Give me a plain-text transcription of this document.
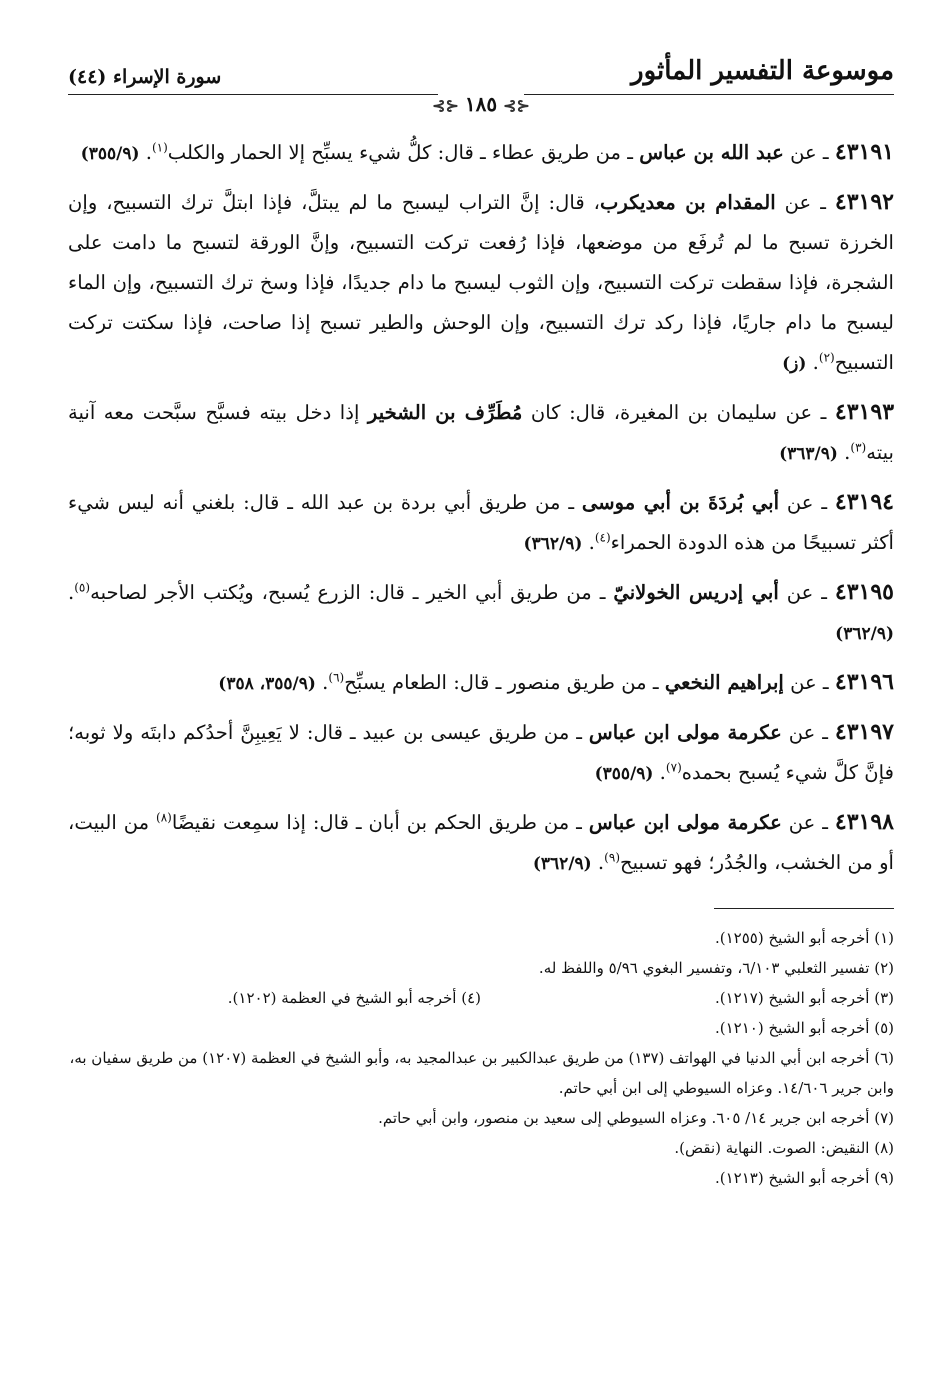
موسوعة التفسير المأثور
سورة الإسراء (٤٤)
⊰⊱١٨٥⊰⊱

٤٣١٩١ ـ عن عبد الله بن عباس ـ من طريق عطاء ـ قال: كلُّ شيء يسبِّح إلا الحمار والكلب$^{(١)}$. (٣٥٥/٩)

٤٣١٩٢ ـ عن المقدام بن معديكرب، قال: إنَّ التراب ليسبح ما لم يبتلَّ، فإذا ابتلَّ ترك التسبيح، وإن الخرزة تسبح ما لم تُرفَع من موضعها، فإذا رُفعت تركت التسبيح، وإنَّ الورقة لتسبح ما دامت على الشجرة، فإذا سقطت تركت التسبيح، وإن الثوب ليسبح ما دام جديدًا، فإذا وسخ ترك التسبيح، وإن الماء ليسبح ما دام جاريًا، فإذا ركد ترك التسبيح، وإن الوحش والطير تسبح إذا صاحت، فإذا سكتت تركت التسبيح$^{(٢)}$. (ز)

٤٣١٩٣ ـ عن سليمان بن المغيرة، قال: كان مُطَرِّف بن الشخير إذا دخل بيته فسبَّح سبَّحت معه آنية بيته$^{(٣)}$. (٣٦٣/٩)

٤٣١٩٤ ـ عن أبي بُردَةَ بن أبي موسى ـ من طريق أبي بردة بن عبد الله ـ قال: بلغني أنه ليس شيء أكثر تسبيحًا من هذه الدودة الحمراء$^{(٤)}$. (٣٦٢/٩)

٤٣١٩٥ ـ عن أبي إدريس الخولانيّ ـ من طريق أبي الخير ـ قال: الزرع يُسبح، ويُكتب الأجر لصاحبه$^{(٥)}$. (٣٦٢/٩)

٤٣١٩٦ ـ عن إبراهيم النخعي ـ من طريق منصور ـ قال: الطعام يسبِّح$^{(٦)}$. (٣٥٥/٩، ٣٥٨)

٤٣١٩٧ ـ عن عكرمة مولى ابن عباس ـ من طريق عيسى بن عبيد ـ قال: لا يَعِيبِنَّ أحدُكم دابتَه ولا ثوبه؛ فإنَّ كلَّ شيء يُسبح بحمده$^{(٧)}$. (٣٥٥/٩)

٤٣١٩٨ ـ عن عكرمة مولى ابن عباس ـ من طريق الحكم بن أبان ـ قال: إذا سمِعت نقيضًا$^{(٨)}$ من البيت، أو من الخشب، والجُدُر؛ فهو تسبيح$^{(٩)}$. (٣٦٢/٩)

(١) أخرجه أبو الشيخ (١٢٥٥).

(٢) تفسير الثعلبي ٦/١٠٣، وتفسير البغوي ٥/٩٦ واللفظ له.

(٣) أخرجه أبو الشيخ (١٢١٧).

(٤) أخرجه أبو الشيخ في العظمة (١٢٠٢).

(٥) أخرجه أبو الشيخ (١٢١٠).

(٦) أخرجه ابن أبي الدنيا في الهواتف (١٣٧) من طريق عبدالكبير بن عبدالمجيد به، وأبو الشيخ في العظمة (١٢٠٧) من طريق سفيان به، وابن جرير ١٤/٦٠٦. وعزاه السيوطي إلى ابن أبي حاتم.

(٧) أخرجه ابن جرير ١٤/ ٦٠٥. وعزاه السيوطي إلى سعيد بن منصور، وابن أبي حاتم.

(٨) النقيض: الصوت. النهاية (نقض).

(٩) أخرجه أبو الشيخ (١٢١٣).
